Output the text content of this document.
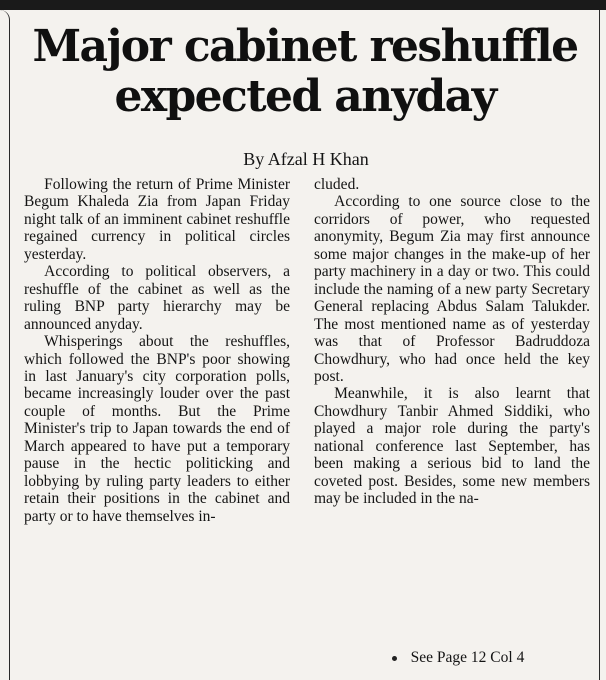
Major cabinet reshuffle
expected anyday

By Afzal H Khan

Following the return of Prime Minister Begum Khaleda Zia from Japan Friday night talk of an imminent cabinet reshuffle regained currency in political circles yesterday.

According to political observers, a reshuffle of the cabinet as well as the ruling BNP party hierarchy may be announced anyday.

Whisperings about the reshuffles, which followed the BNP's poor showing in last January's city corporation polls, became increasingly louder over the past couple of months. But the Prime Minister's trip to Japan towards the end of March appeared to have put a temporary pause in the hectic politicking and lobbying by ruling party leaders to either retain their positions in the cabinet and party or to have themselves in-

cluded.

According to one source close to the corridors of power, who requested anonymity, Begum Zia may first announce some major changes in the make-up of her party machinery in a day or two. This could include the naming of a new party Secretary General replacing Abdus Salam Talukder. The most mentioned name as of yesterday was that of Professor Badruddoza Chowdhury, who had once held the key post.

Meanwhile, it is also learnt that Chowdhury Tanbir Ahmed Siddiki, who played a major role during the party's national conference last September, has been making a serious bid to land the coveted post. Besides, some new members may be included in the na-

See Page 12 Col 4
